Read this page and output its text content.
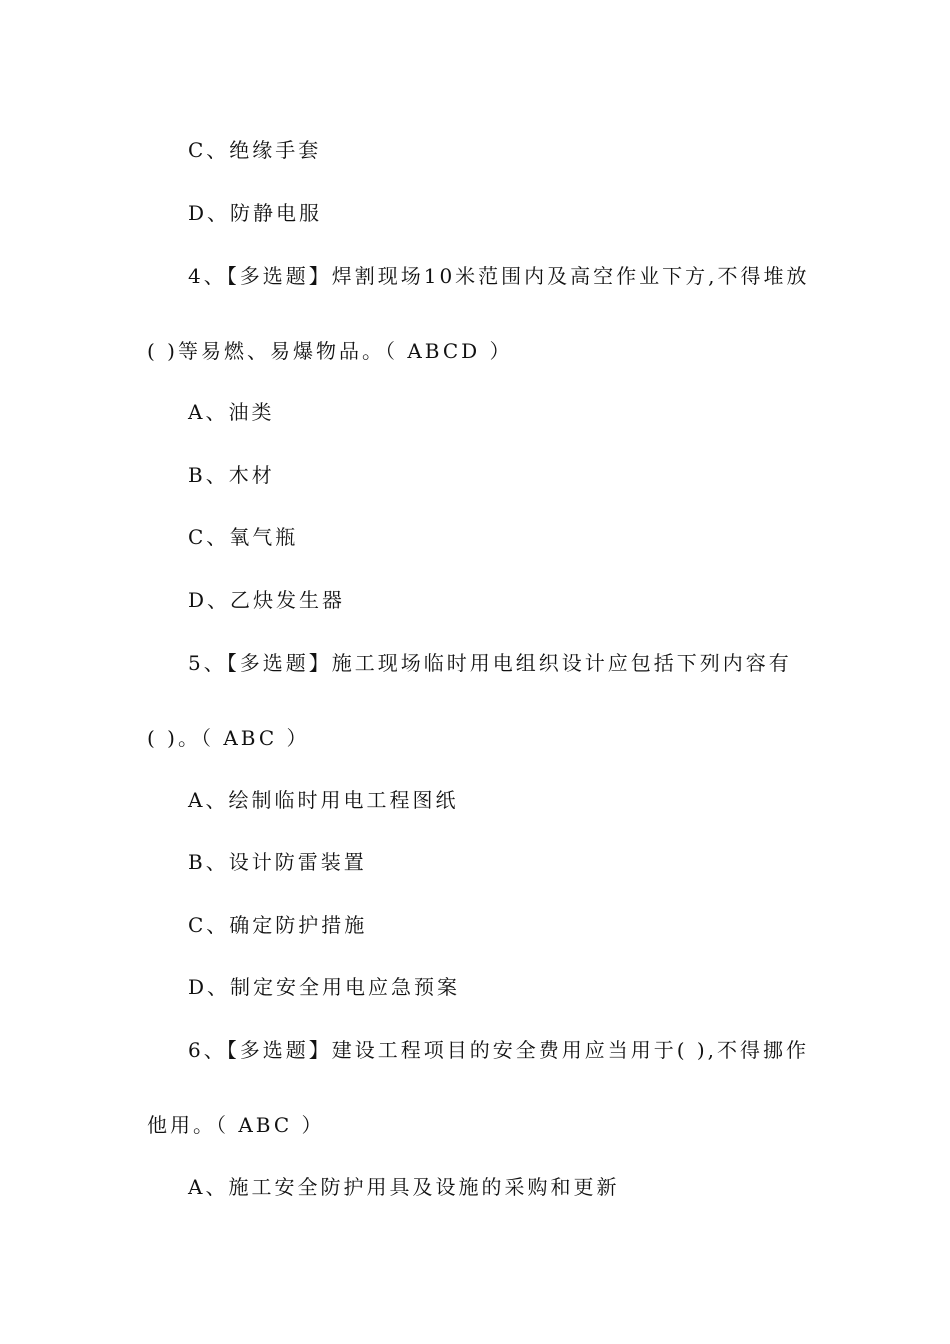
C、绝缘手套
D、防静电服
4、【多选题】焊割现场10米范围内及高空作业下方,不得堆放
( )等易燃、易爆物品。（ ABCD ）
A、油类
B、木材
C、氧气瓶
D、乙炔发生器
5、【多选题】施工现场临时用电组织设计应包括下列内容有
( )。（ ABC ）
A、绘制临时用电工程图纸
B、设计防雷装置
C、确定防护措施
D、制定安全用电应急预案
6、【多选题】建设工程项目的安全费用应当用于( ),不得挪作
他用。（ ABC ）
A、施工安全防护用具及设施的采购和更新
